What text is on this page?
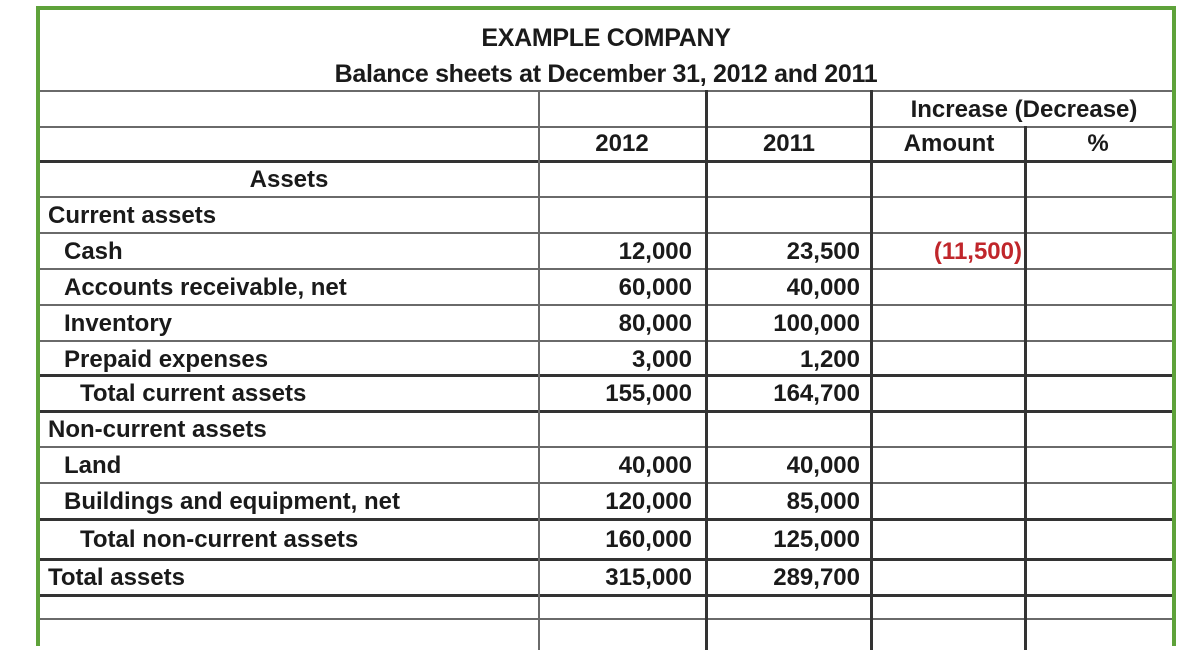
EXAMPLE COMPANY
Balance sheets at December 31, 2012 and 2011
Increase (Decrease)
2012	2011	Amount	%
Assets
Current assets
Cash	12,000	23,500	(11,500)
Accounts receivable, net	60,000	40,000
Inventory	80,000	100,000
Prepaid expenses	3,000	1,200
Total current assets	155,000	164,700
Non-current assets
Land	40,000	40,000
Buildings and equipment, net	120,000	85,000
Total non-current assets	160,000	125,000
Total assets	315,000	289,700
